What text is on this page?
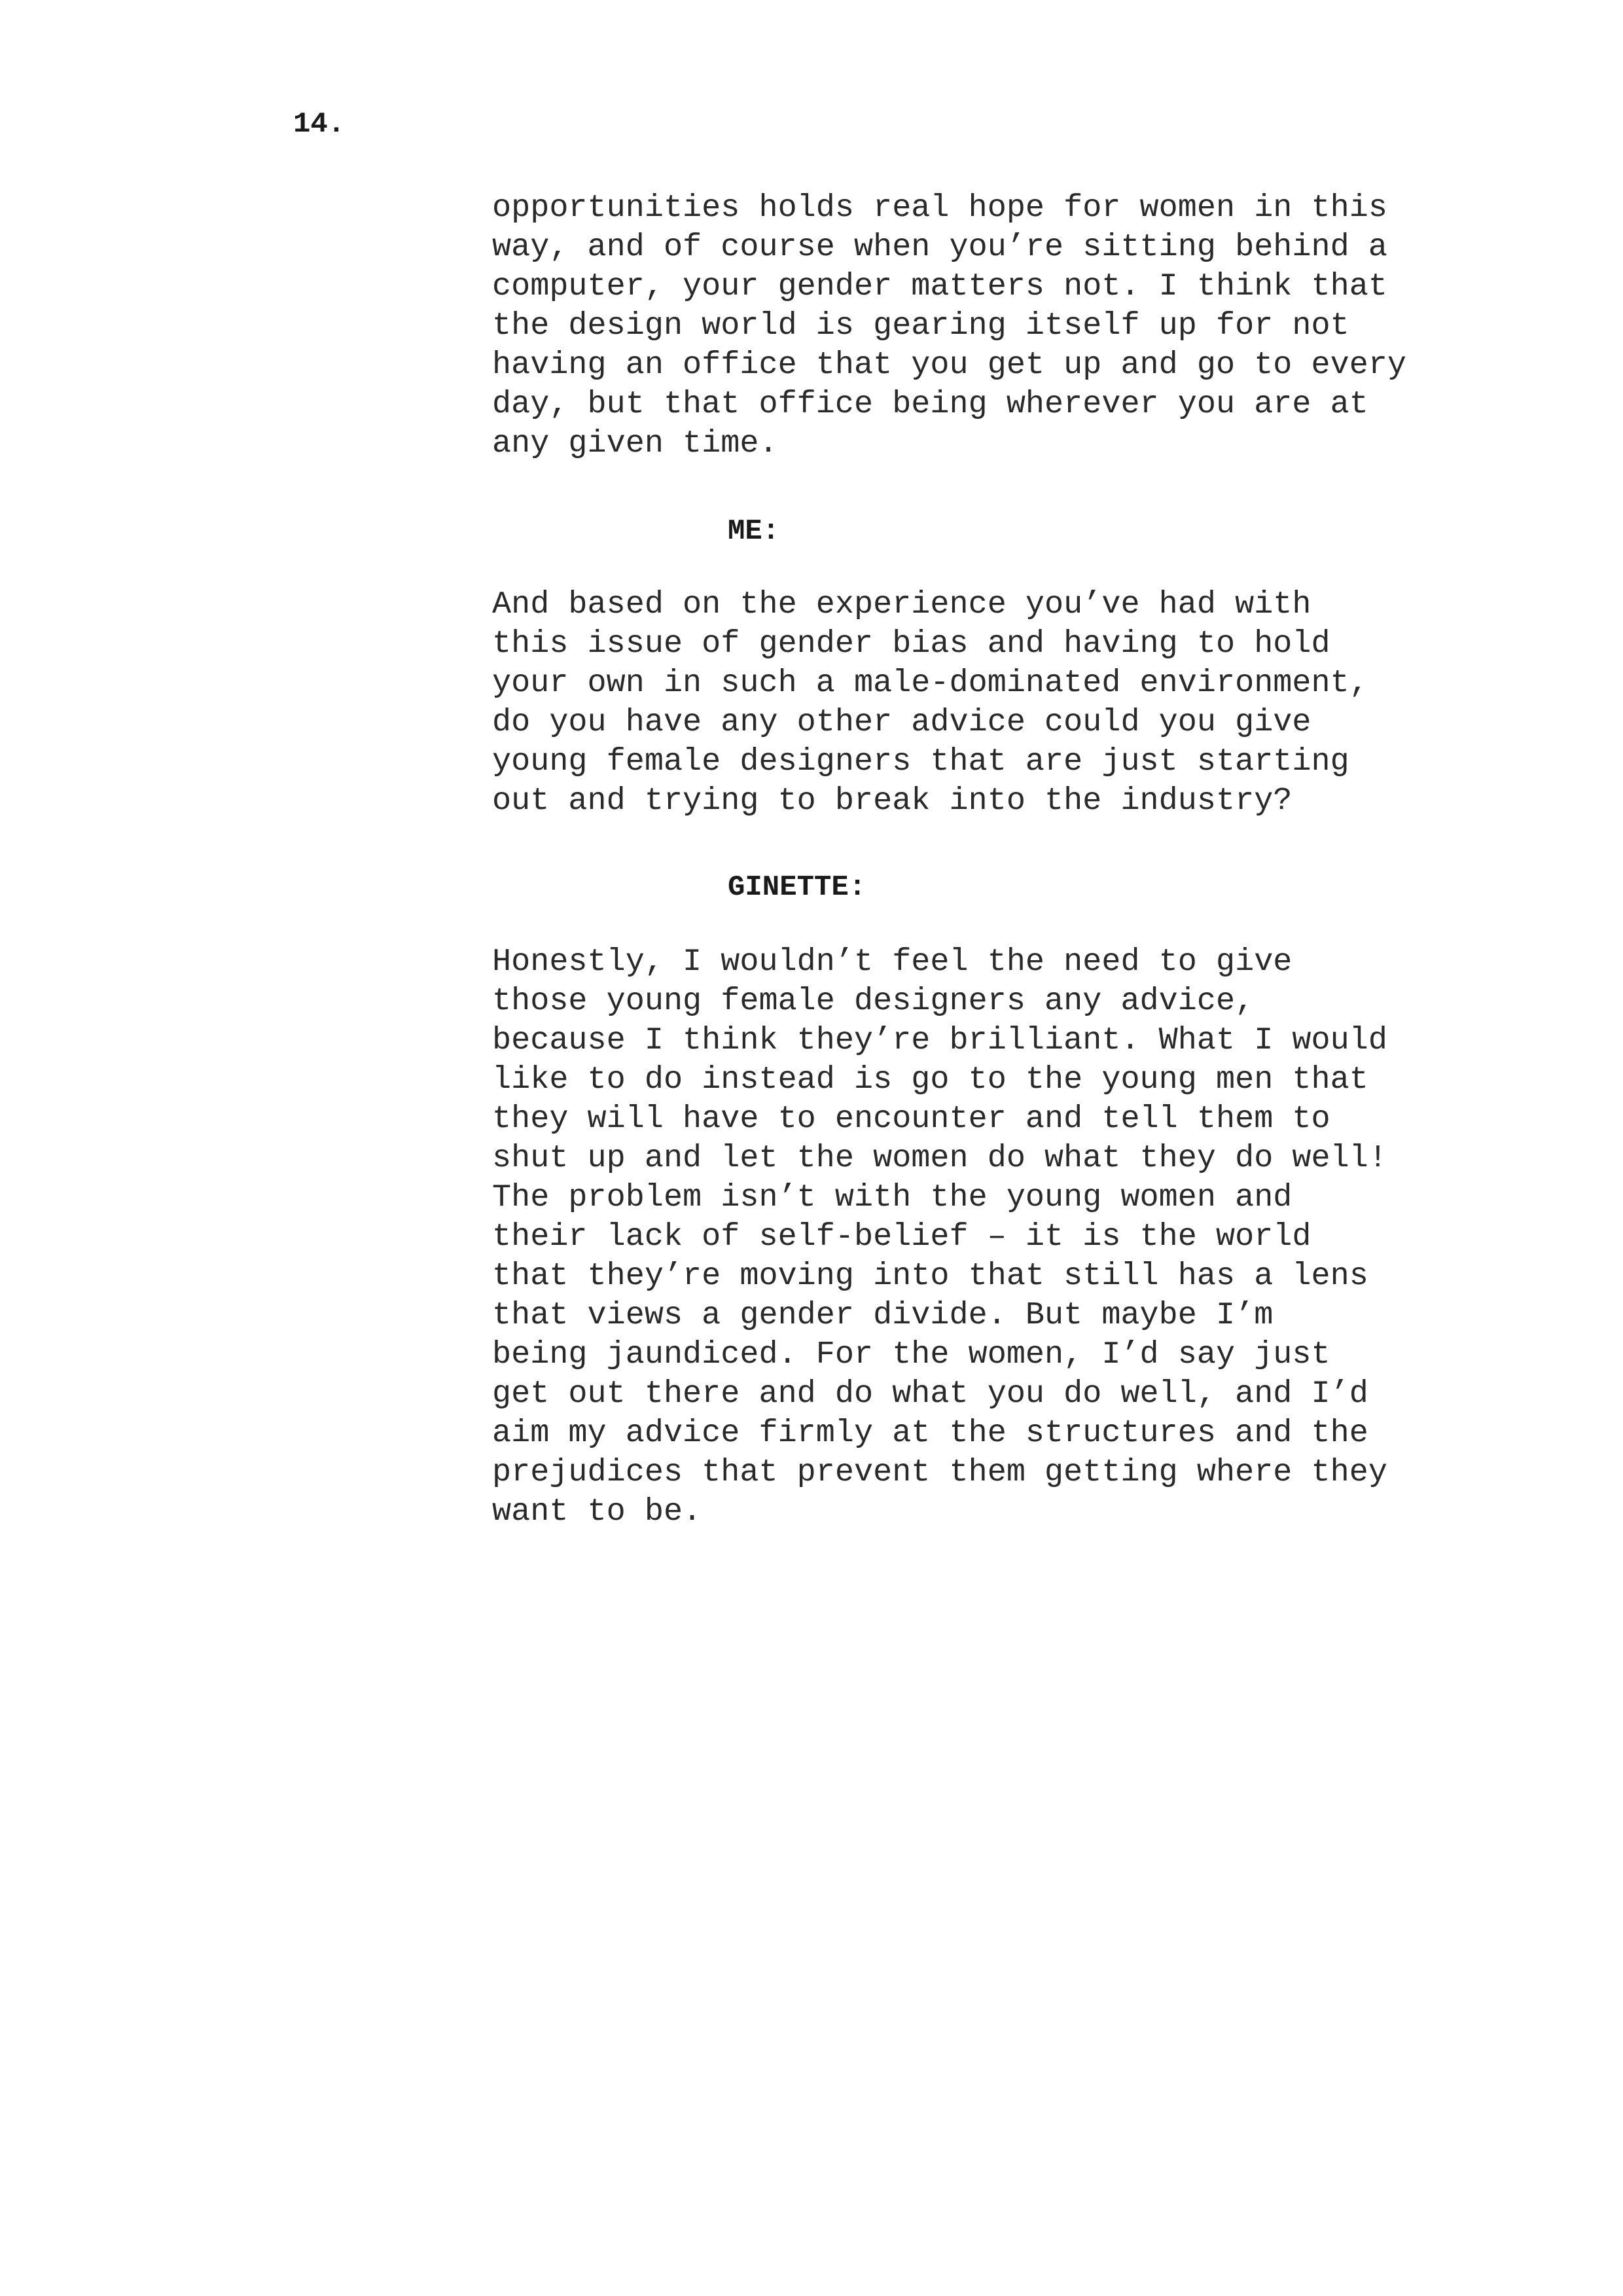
14.

opportunities holds real hope for women in this
way, and of course when you’re sitting behind a
computer, your gender matters not. I think that
the design world is gearing itself up for not
having an office that you get up and go to every
day, but that office being wherever you are at
any given time.

ME:

And based on the experience you’ve had with
this issue of gender bias and having to hold
your own in such a male-dominated environment,
do you have any other advice could you give
young female designers that are just starting
out and trying to break into the industry?

GINETTE:

Honestly, I wouldn’t feel the need to give
those young female designers any advice,
because I think they’re brilliant. What I would
like to do instead is go to the young men that
they will have to encounter and tell them to
shut up and let the women do what they do well!
The problem isn’t with the young women and
their lack of self-belief – it is the world
that they’re moving into that still has a lens
that views a gender divide. But maybe I’m
being jaundiced. For the women, I’d say just
get out there and do what you do well, and I’d
aim my advice firmly at the structures and the
prejudices that prevent them getting where they
want to be.
